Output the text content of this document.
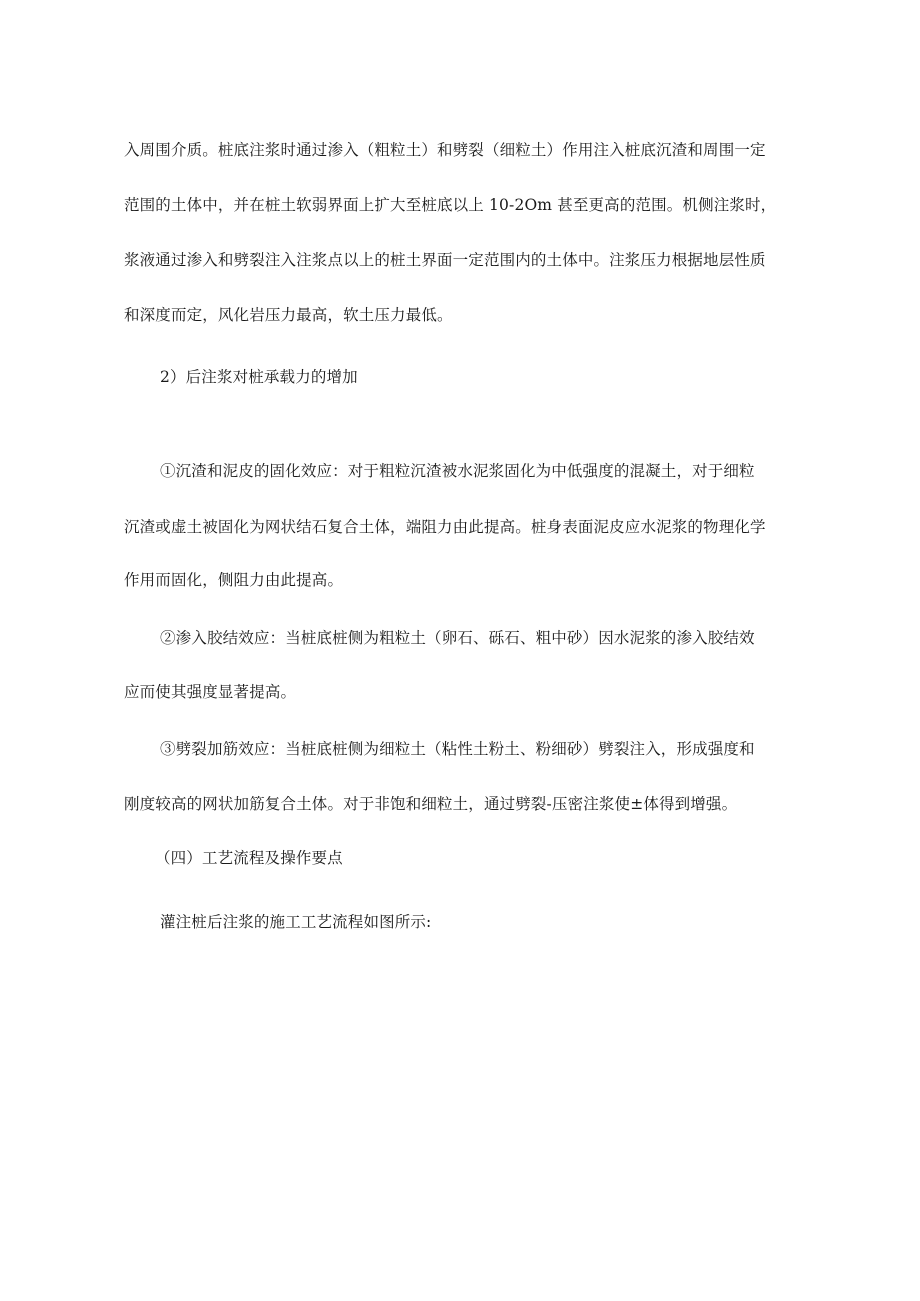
入周围介质。桩底注浆时通过渗入（粗粒土）和劈裂（细粒土）作用注入桩底沉渣和周围一定
范围的土体中，并在桩土软弱界面上扩大至桩底以上 10-2Om 甚至更高的范围。机侧注浆时，
浆液通过渗入和劈裂注入注浆点以上的桩土界面一定范围内的土体中。注浆压力根据地层性质
和深度而定，风化岩压力最高，软土压力最低。
2）后注浆对桩承载力的增加
①沉渣和泥皮的固化效应：对于粗粒沉渣被水泥浆固化为中低强度的混凝土，对于细粒
沉渣或虚土被固化为网状结石复合土体，端阻力由此提高。桩身表面泥皮应水泥浆的物理化学
作用而固化，侧阻力由此提高。
②渗入胶结效应：当桩底桩侧为粗粒土（卵石、砾石、粗中砂）因水泥浆的渗入胶结效
应而使其强度显著提高。
③劈裂加筋效应：当桩底桩侧为细粒土（粘性土粉土、粉细砂）劈裂注入，形成强度和
刚度较高的网状加筋复合土体。对于非饱和细粒土，通过劈裂-压密注浆使±体得到增强。
（四）工艺流程及操作要点
灌注桩后注浆的施工工艺流程如图所示:
